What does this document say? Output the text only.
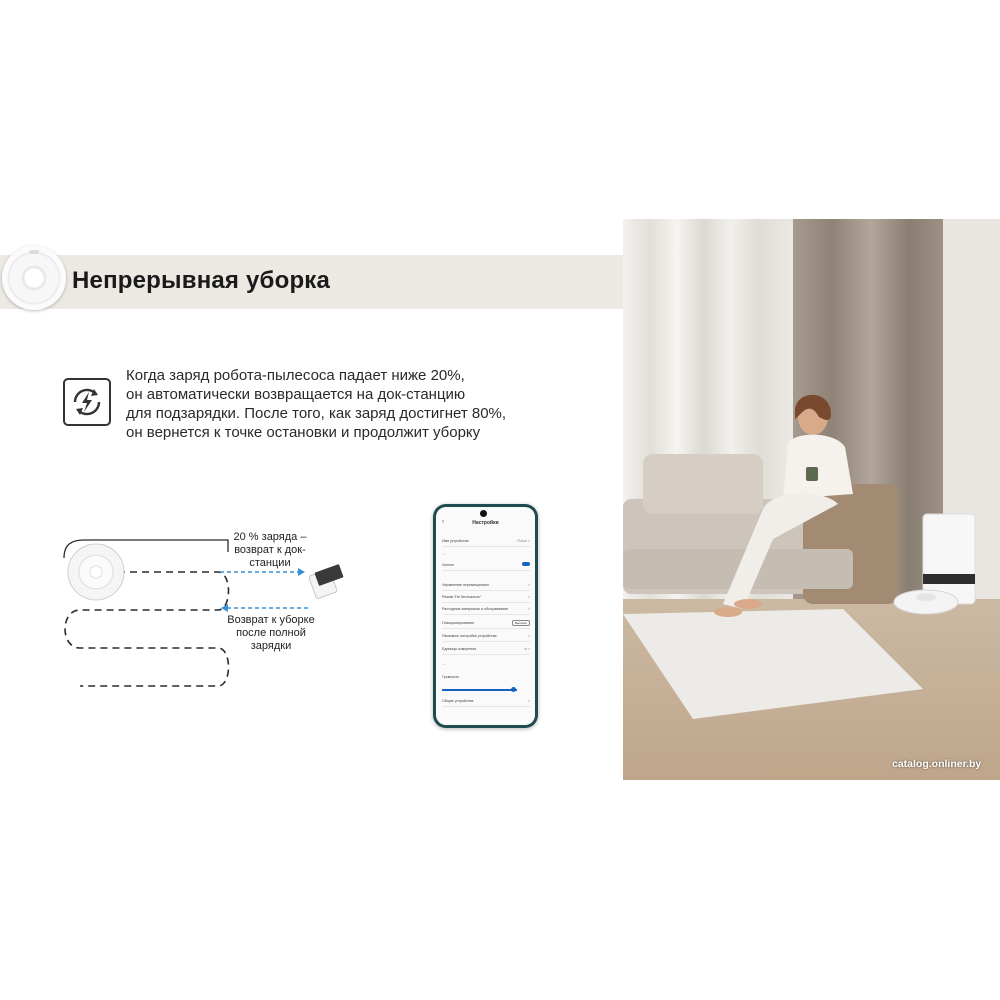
Непрерывная уборка
Когда заряд робота-пылесоса падает ниже 20%,
он автоматически возвращается на док-станцию
для подзарядки. После того, как заряд достигнет 80%,
он вернется к точке остановки и продолжит уборку
20 % заряда –
возврат к док-
станции
Возврат к уборке
после полной
зарядки
‹	Настройки
Имя устройства	Robot >
—
Volume
Управление перемещением	>
Режим "Не беспокоить"	>
Расходные материалы и обслуживание	>
Позиционирование	Высокое
Языковые настройки устройства	>
Единицы измерения	м >
—
Громкость
Общие устройства	>
catalog.onliner.by
